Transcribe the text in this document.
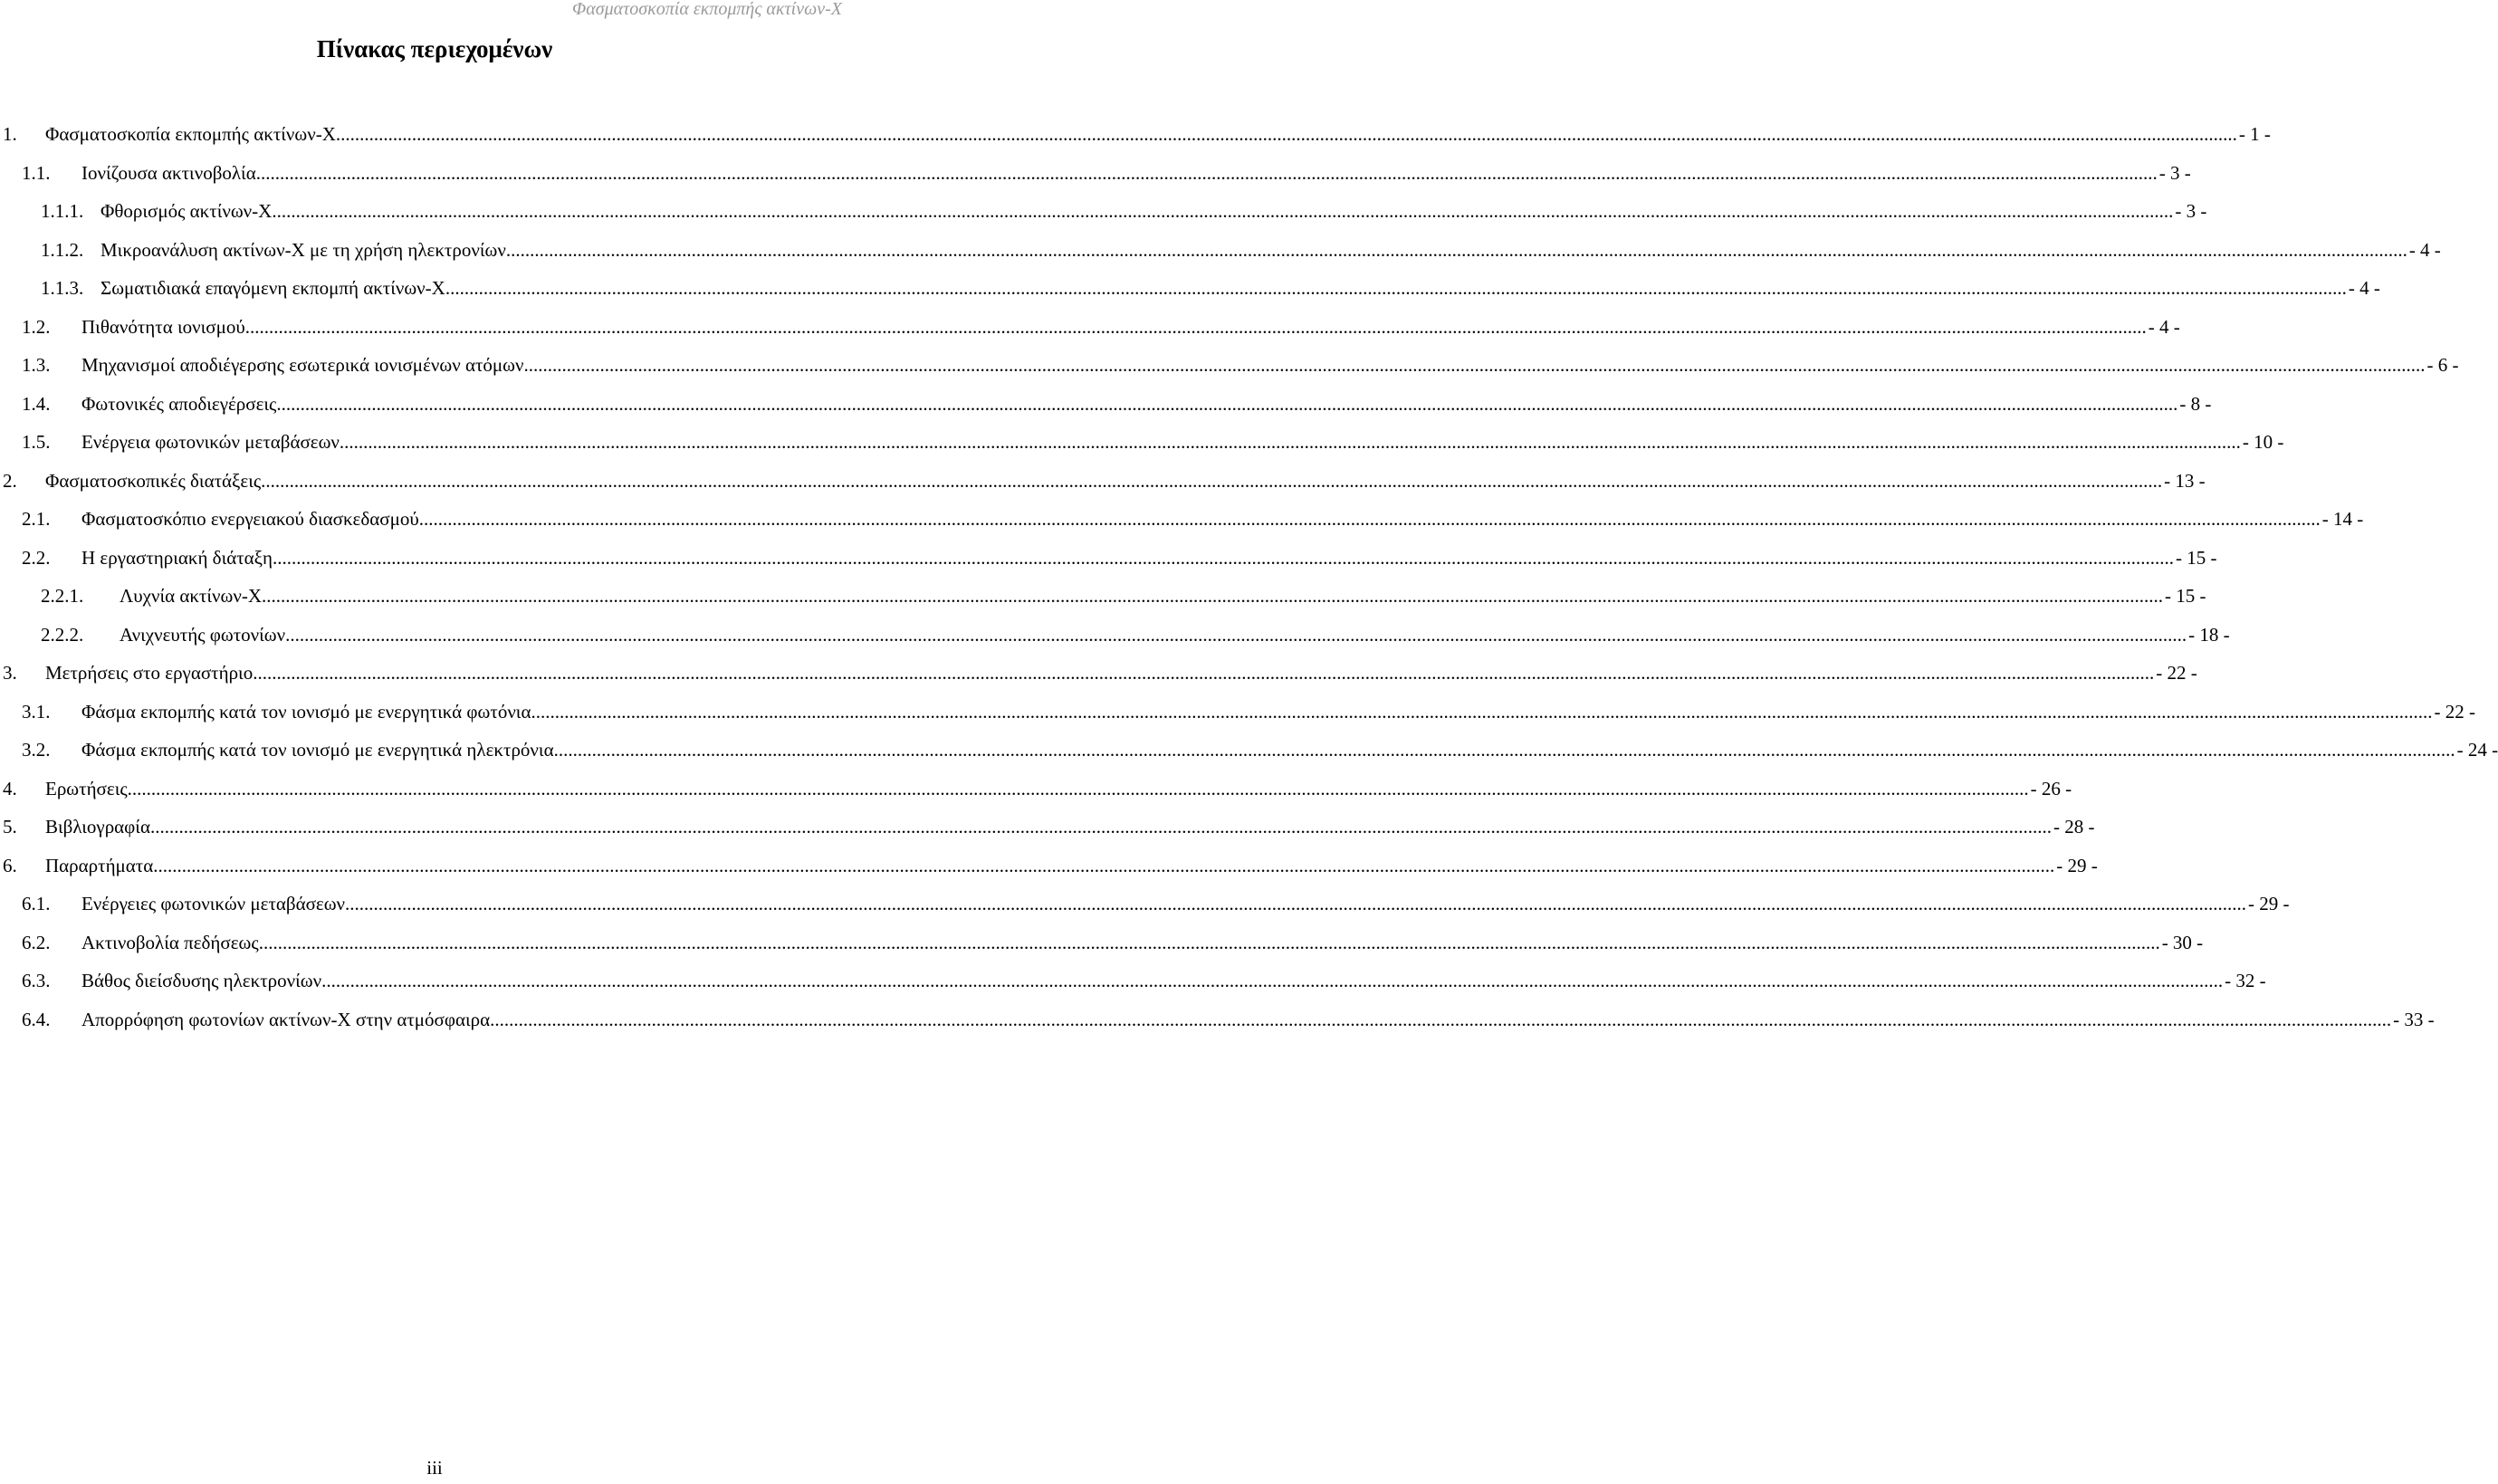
Φασματοσκοπία εκπομπής ακτίνων-Χ
Πίνακας περιεχομένων
1. Φασματοσκοπία εκπομπής ακτίνων-Χ ................................................................................................................................................................................................................................................................................................................................................................................................................ - 1 -
1.1. Ιονίζουσα ακτινοβολία ................................................................................................................................................................................................................................................................................................................................................................................................................ - 3 -
1.1.1. Φθορισμός ακτίνων-Χ ................................................................................................................................................................................................................................................................................................................................................................................................................ - 3 -
1.1.2. Μικροανάλυση ακτίνων-Χ με τη χρήση ηλεκτρονίων ................................................................................................................................................................................................................................................................................................................................................................................................................ - 4 -
1.1.3. Σωματιδιακά επαγόμενη εκπομπή ακτίνων-Χ ................................................................................................................................................................................................................................................................................................................................................................................................................ - 4 -
1.2. Πιθανότητα ιονισμού ................................................................................................................................................................................................................................................................................................................................................................................................................ - 4 -
1.3. Μηχανισμοί αποδιέγερσης εσωτερικά ιονισμένων ατόμων ................................................................................................................................................................................................................................................................................................................................................................................................................ - 6 -
1.4. Φωτονικές αποδιεγέρσεις ................................................................................................................................................................................................................................................................................................................................................................................................................ - 8 -
1.5. Ενέργεια φωτονικών μεταβάσεων ................................................................................................................................................................................................................................................................................................................................................................................................................ - 10 -
2. Φασματοσκοπικές διατάξεις ................................................................................................................................................................................................................................................................................................................................................................................................................ - 13 -
2.1. Φασματοσκόπιο ενεργειακού διασκεδασμού ................................................................................................................................................................................................................................................................................................................................................................................................................ - 14 -
2.2. Η εργαστηριακή διάταξη ................................................................................................................................................................................................................................................................................................................................................................................................................ - 15 -
2.2.1. Λυχνία ακτίνων-Χ ................................................................................................................................................................................................................................................................................................................................................................................................................ - 15 -
2.2.2. Ανιχνευτής φωτονίων ................................................................................................................................................................................................................................................................................................................................................................................................................ - 18 -
3. Μετρήσεις στο εργαστήριο ................................................................................................................................................................................................................................................................................................................................................................................................................ - 22 -
3.1. Φάσμα εκπομπής κατά τον ιονισμό με ενεργητικά φωτόνια ................................................................................................................................................................................................................................................................................................................................................................................................................ - 22 -
3.2. Φάσμα εκπομπής κατά τον ιονισμό με ενεργητικά ηλεκτρόνια ................................................................................................................................................................................................................................................................................................................................................................................................................ - 24 -
4. Ερωτήσεις ................................................................................................................................................................................................................................................................................................................................................................................................................ - 26 -
5. Βιβλιογραφία ................................................................................................................................................................................................................................................................................................................................................................................................................ - 28 -
6. Παραρτήματα ................................................................................................................................................................................................................................................................................................................................................................................................................ - 29 -
6.1. Ενέργειες φωτονικών μεταβάσεων ................................................................................................................................................................................................................................................................................................................................................................................................................ - 29 -
6.2. Ακτινοβολία πεδήσεως ................................................................................................................................................................................................................................................................................................................................................................................................................ - 30 -
6.3. Βάθος διείσδυσης ηλεκτρονίων ................................................................................................................................................................................................................................................................................................................................................................................................................ - 32 -
6.4. Απορρόφηση φωτονίων ακτίνων-Χ στην ατμόσφαιρα ................................................................................................................................................................................................................................................................................................................................................................................................................ - 33 -
iii
